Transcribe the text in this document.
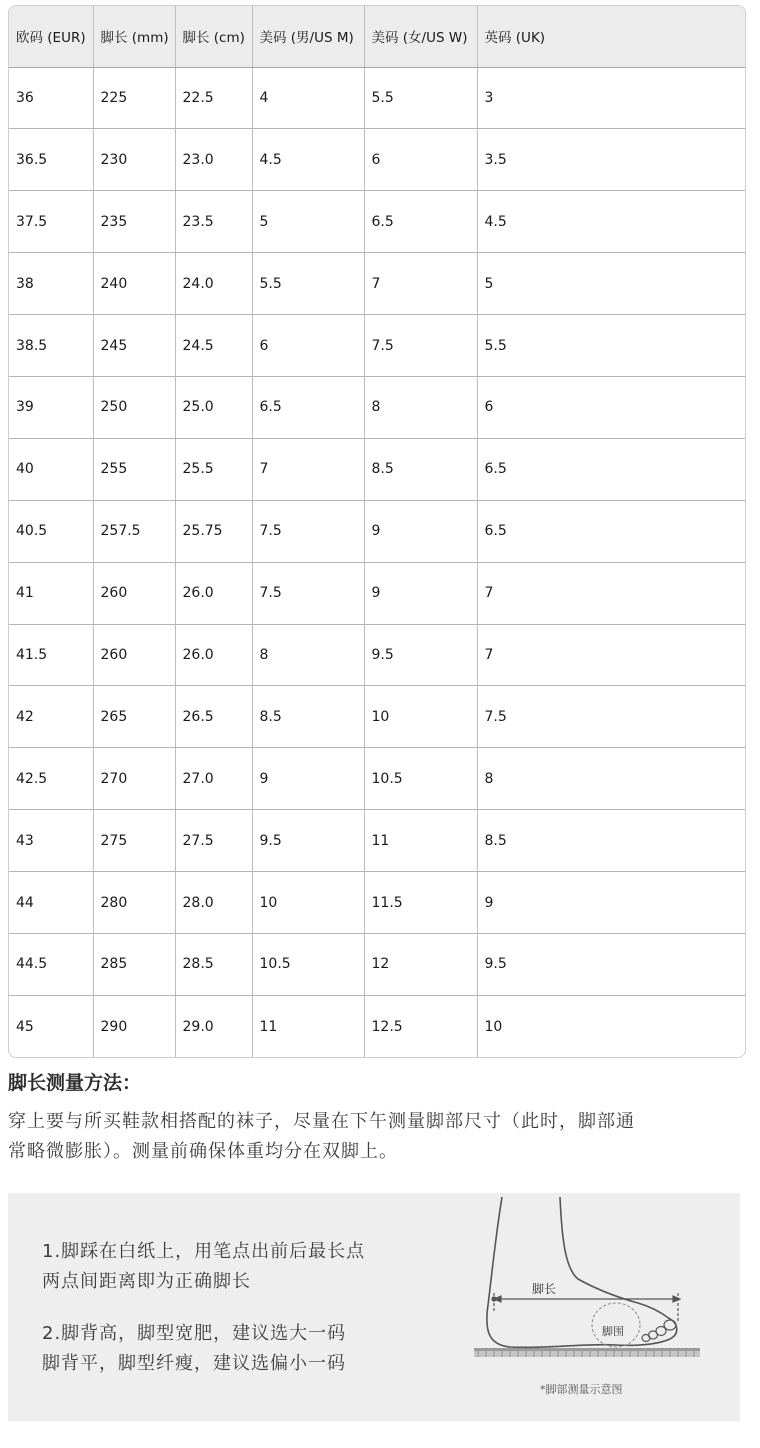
欧码 (EUR)	脚长 (mm)	脚长 (cm)	美码 (男/US M)	美码 (女/US W)	英码 (UK)
36	225	22.5	4	5.5	3
36.5	230	23.0	4.5	6	3.5
37.5	235	23.5	5	6.5	4.5
38	240	24.0	5.5	7	5
38.5	245	24.5	6	7.5	5.5
39	250	25.0	6.5	8	6
40	255	25.5	7	8.5	6.5
40.5	257.5	25.75	7.5	9	6.5
41	260	26.0	7.5	9	7
41.5	260	26.0	8	9.5	7
42	265	26.5	8.5	10	7.5
42.5	270	27.0	9	10.5	8
43	275	27.5	9.5	11	8.5
44	280	28.0	10	11.5	9
44.5	285	28.5	10.5	12	9.5
45	290	29.0	11	12.5	10
脚长测量方法：

穿上要与所买鞋款相搭配的袜子，尽量在下午测量脚部尺寸（此时，脚部通
常略微膨胀）。测量前确保体重均分在双脚上。

1.脚踩在白纸上，用笔点出前后最长点
两点间距离即为正确脚长
2.脚背高，脚型宽肥，建议选大一码
脚背平，脚型纤瘦，建议选偏小一码
脚长
脚围
*脚部测量示意图
